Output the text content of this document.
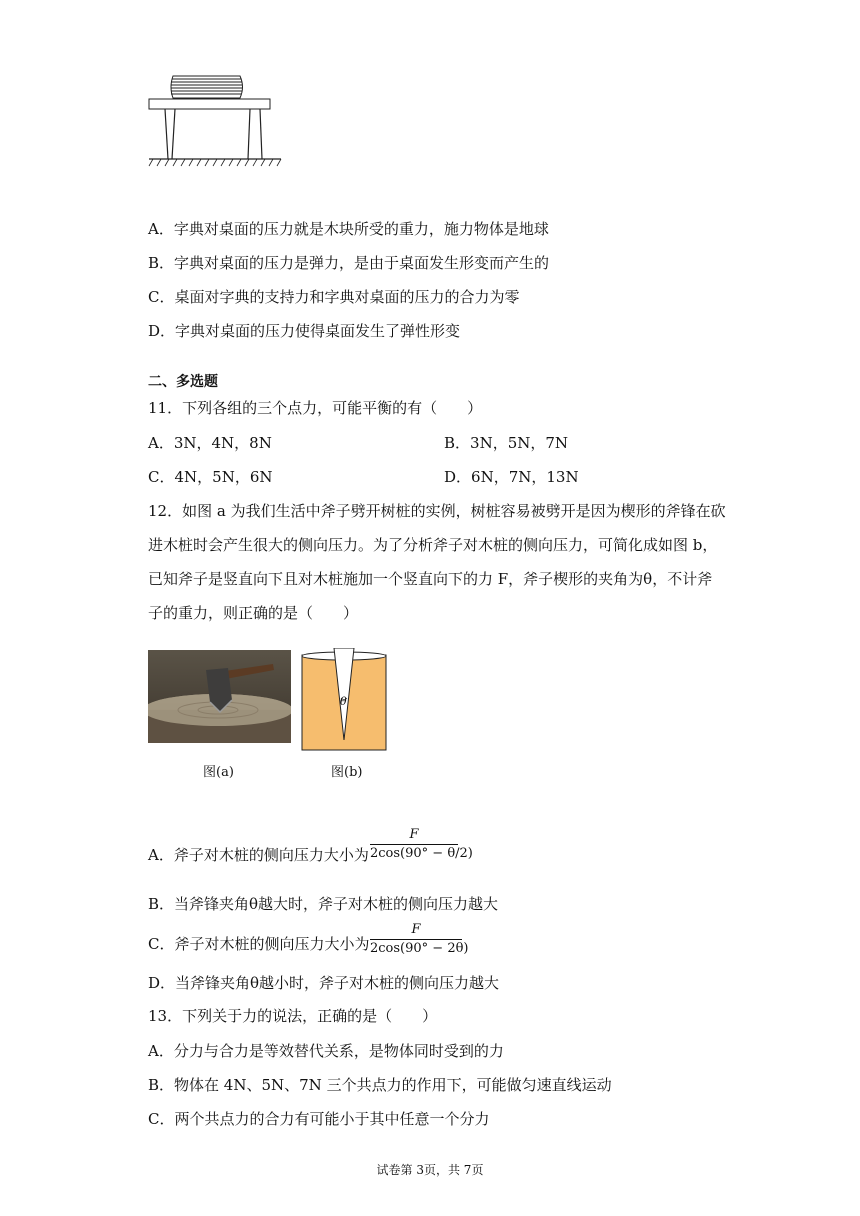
A．字典对桌面的压力就是木块所受的重力，施力物体是地球
B．字典对桌面的压力是弹力，是由于桌面发生形变而产生的
C．桌面对字典的支持力和字典对桌面的压力的合力为零
D．字典对桌面的压力使得桌面发生了弹性形变
二、多选题
11．下列各组的三个点力，可能平衡的有（　　）
A．3N，4N，8N	B．3N，5N，7N
C．4N，5N，6N	D．6N，7N，13N
12．如图 a 为我们生活中斧子劈开树桩的实例，树桩容易被劈开是因为楔形的斧锋在砍
进木桩时会产生很大的侧向压力。为了分析斧子对木桩的侧向压力，可简化成如图 b，
已知斧子是竖直向下且对木桩施加一个竖直向下的力 F，斧子楔形的夹角为θ，不计斧
子的重力，则正确的是（　　）
图(a)
θ
图(b)
A．斧子对木桩的侧向压力大小为
F
2cos(90° − θ/2)
B．当斧锋夹角θ越大时，斧子对木桩的侧向压力越大
C．斧子对木桩的侧向压力大小为
F
2cos(90° − 2θ)
D．当斧锋夹角θ越小时，斧子对木桩的侧向压力越大
13．下列关于力的说法，正确的是（　　）
A．分力与合力是等效替代关系，是物体同时受到的力
B．物体在 4N、5N、7N 三个共点力的作用下，可能做匀速直线运动
C．两个共点力的合力有可能小于其中任意一个分力
试卷第 3页，共 7页
